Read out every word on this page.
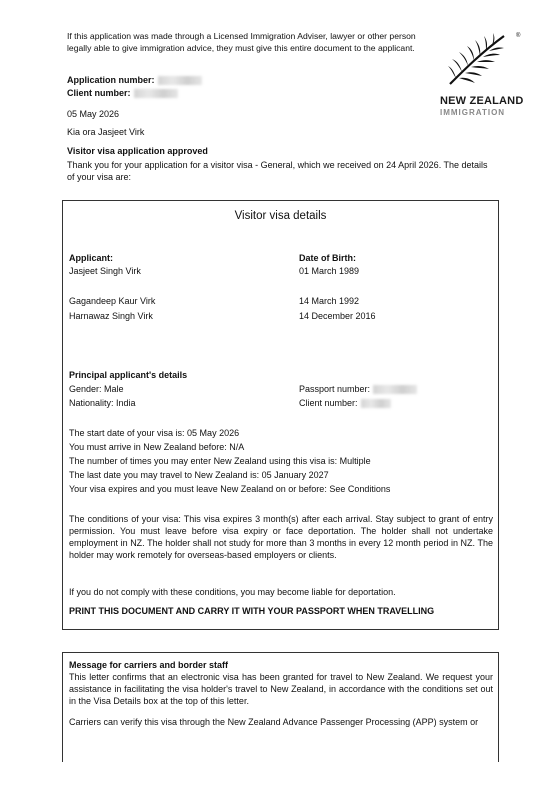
If this application was made through a Licensed Immigration Adviser, lawyer or other person legally able to give immigration advice, they must give this entire document to the applicant.
®
NEW ZEALAND
IMMIGRATION
Application number:
Client number:
05 May 2026
Kia ora Jasjeet Virk
Visitor visa application approved
Thank you for your application for a visitor visa - General, which we received on 24 April 2026. The details of your visa are:
Visitor visa details
Applicant:	Date of Birth:
Jasjeet Singh Virk	01 March 1989
Gagandeep Kaur Virk	14 March 1992
Harnawaz Singh Virk	14 December 2016
Principal applicant's details
Gender: Male	Passport number:
Nationality: India	Client number:
The start date of your visa is: 05 May 2026
You must arrive in New Zealand before: N/A
The number of times you may enter New Zealand using this visa is: Multiple
The last date you may travel to New Zealand is: 05 January 2027
Your visa expires and you must leave New Zealand on or before: See Conditions
The conditions of your visa: This visa expires 3 month(s) after each arrival. Stay subject to grant of entry permission. You must leave before visa expiry or face deportation. The holder shall not undertake employment in NZ. The holder shall not study for more than 3 months in every 12 month period in NZ. The holder may work remotely for overseas-based employers or clients.
If you do not comply with these conditions, you may become liable for deportation.
PRINT THIS DOCUMENT AND CARRY IT WITH YOUR PASSPORT WHEN TRAVELLING
Message for carriers and border staff
This letter confirms that an electronic visa has been granted for travel to New Zealand. We request your assistance in facilitating the visa holder's travel to New Zealand, in accordance with the conditions set out in the Visa Details box at the top of this letter.
Carriers can verify this visa through the New Zealand Advance Passenger Processing (APP) system or
